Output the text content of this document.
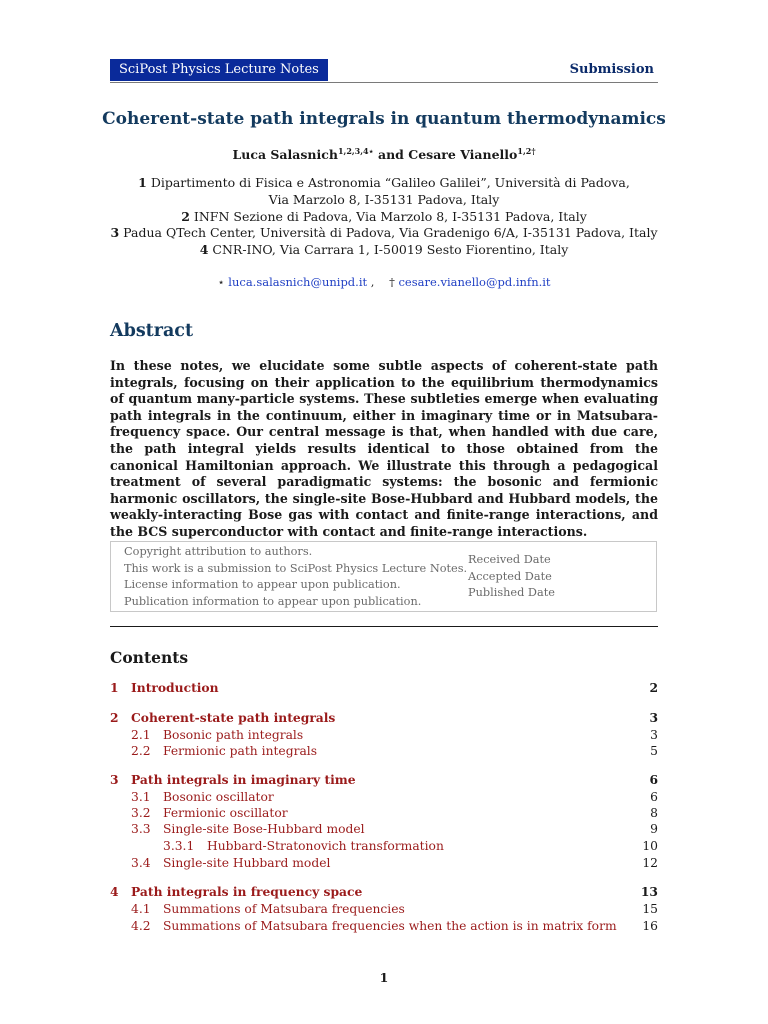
SciPost Physics Lecture Notes	Submission
Coherent-state path integrals in quantum thermodynamics
Luca Salasnich$^{1,2,3,4⋆}$ and Cesare Vianello$^{1,2\dagger}$
1 Dipartimento di Fisica e Astronomia “Galileo Galilei”, Università di Padova,
Via Marzolo 8, I-35131 Padova, Italy
2 INFN Sezione di Padova, Via Marzolo 8, I-35131 Padova, Italy
3 Padua QTech Center, Università di Padova, Via Gradenigo 6/A, I-35131 Padova, Italy
4 CNR-INO, Via Carrara 1, I-50019 Sesto Fiorentino, Italy
⋆ luca.salasnich@unipd.it , † cesare.vianello@pd.infn.it
Abstract
In these notes, we elucidate some subtle aspects of coherent-state path integrals, focusing on their application to the equilibrium thermodynamics of quantum many-particle systems. These subtleties emerge when evaluating path integrals in the continuum, either in imaginary time or in Matsubara-frequency space. Our central message is that, when handled with due care, the path integral yields results identical to those obtained from the canonical Hamiltonian approach. We illustrate this through a pedagogical treatment of several paradigmatic systems: the bosonic and fermionic harmonic oscillators, the single-site Bose-Hubbard and Hubbard models, the weakly-interacting Bose gas with contact and finite-range interactions, and the BCS superconductor with contact and finite-range interactions.
Copyright attribution to authors.
This work is a submission to SciPost Physics Lecture Notes.
License information to appear upon publication.
Publication information to appear upon publication.
Received Date
Accepted Date
Published Date
Contents
1 Introduction	2
2 Coherent-state path integrals	3
2.1 Bosonic path integrals	3
2.2 Fermionic path integrals	5
3 Path integrals in imaginary time	6
3.1 Bosonic oscillator	6
3.2 Fermionic oscillator	8
3.3 Single-site Bose-Hubbard model	9
3.3.1 Hubbard-Stratonovich transformation	10
3.4 Single-site Hubbard model	12
4 Path integrals in frequency space	13
4.1 Summations of Matsubara frequencies	15
4.2 Summations of Matsubara frequencies when the action is in matrix form 16
1
